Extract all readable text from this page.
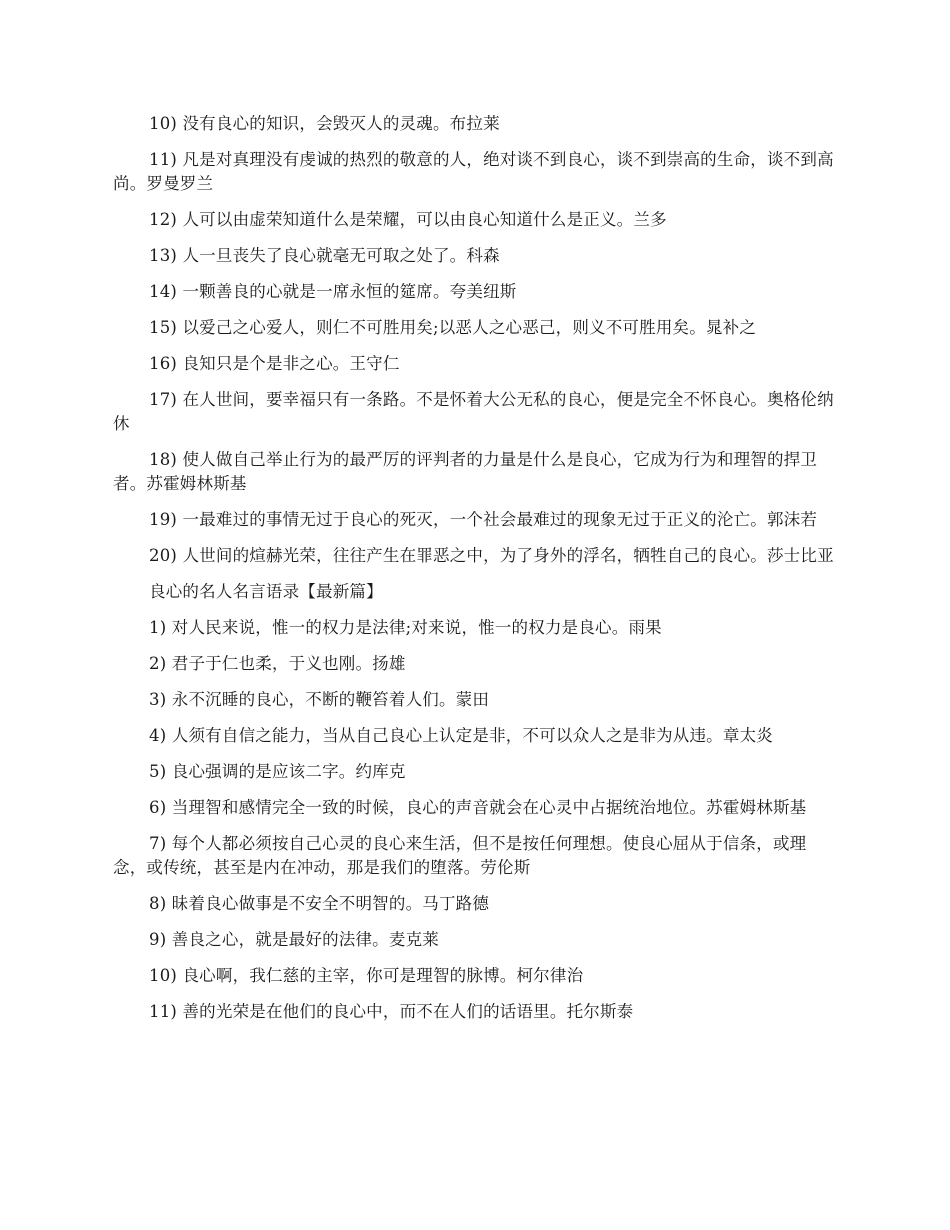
10) 没有良心的知识，会毁灭人的灵魂。布拉莱

11) 凡是对真理没有虔诚的热烈的敬意的人，绝对谈不到良心，谈不到崇高的生命，谈不到高尚。罗曼罗兰

12) 人可以由虚荣知道什么是荣耀，可以由良心知道什么是正义。兰多

13) 人一旦丧失了良心就毫无可取之处了。科森

14) 一颗善良的心就是一席永恒的筵席。夸美纽斯

15) 以爱己之心爱人，则仁不可胜用矣;以恶人之心恶己，则义不可胜用矣。晁补之

16) 良知只是个是非之心。王守仁

17) 在人世间，要幸福只有一条路。不是怀着大公无私的良心，便是完全不怀良心。奥格伦纳休

18) 使人做自己举止行为的最严厉的评判者的力量是什么是良心，它成为行为和理智的捍卫者。苏霍姆林斯基

19) 一最难过的事情无过于良心的死灭，一个社会最难过的现象无过于正义的沦亡。郭沫若

20) 人世间的煊赫光荣，往往产生在罪恶之中，为了身外的浮名，牺牲自己的良心。莎士比亚

良心的名人名言语录【最新篇】

1) 对人民来说，惟一的权力是法律;对来说，惟一的权力是良心。雨果

2) 君子于仁也柔，于义也刚。扬雄

3) 永不沉睡的良心，不断的鞭笞着人们。蒙田

4) 人须有自信之能力，当从自己良心上认定是非，不可以众人之是非为从违。章太炎

5) 良心强调的是应该二字。约库克

6) 当理智和感情完全一致的时候，良心的声音就会在心灵中占据统治地位。苏霍姆林斯基

7) 每个人都必须按自己心灵的良心来生活，但不是按任何理想。使良心屈从于信条，或理念，或传统，甚至是内在冲动，那是我们的堕落。劳伦斯

8) 昧着良心做事是不安全不明智的。马丁路德

9) 善良之心，就是最好的法律。麦克莱

10) 良心啊，我仁慈的主宰，你可是理智的脉博。柯尔律治

11) 善的光荣是在他们的良心中，而不在人们的话语里。托尔斯泰
